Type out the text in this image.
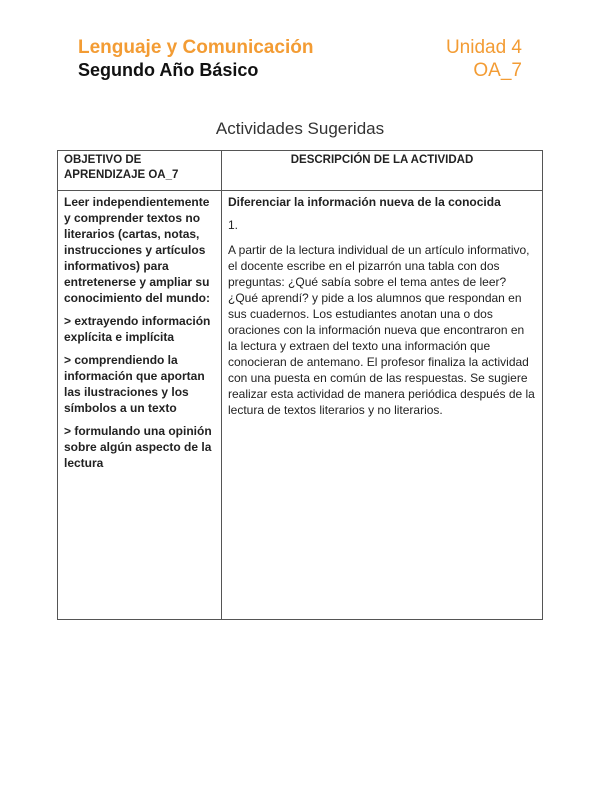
Lenguaje y Comunicación	Unidad 4
Segundo Año Básico	OA_7
Actividades Sugeridas
OBJETIVO DE APRENDIZAJE OA_7
DESCRIPCIÓN DE LA ACTIVIDAD

Leer independientemente y comprender textos no literarios (cartas, notas, instrucciones y artículos informativos) para entretenerse y ampliar su conocimiento del mundo:

> extrayendo información explícita e implícita

> comprendiendo la información que aportan las ilustraciones y los símbolos a un texto

> formulando una opinión sobre algún aspecto de la lectura

Diferenciar la información nueva de la conocida

1.

A partir de la lectura individual de un artículo informativo, el docente escribe en el pizarrón una tabla con dos preguntas: ¿Qué sabía sobre el tema antes de leer? ¿Qué aprendí? y pide a los alumnos que respondan en sus cuadernos. Los estudiantes anotan una o dos oraciones con la información nueva que encontraron en la lectura y extraen del texto una información que conocieran de antemano. El profesor finaliza la actividad con una puesta en común de las respuestas. Se sugiere realizar esta actividad de manera periódica después de la lectura de textos literarios y no literarios.
